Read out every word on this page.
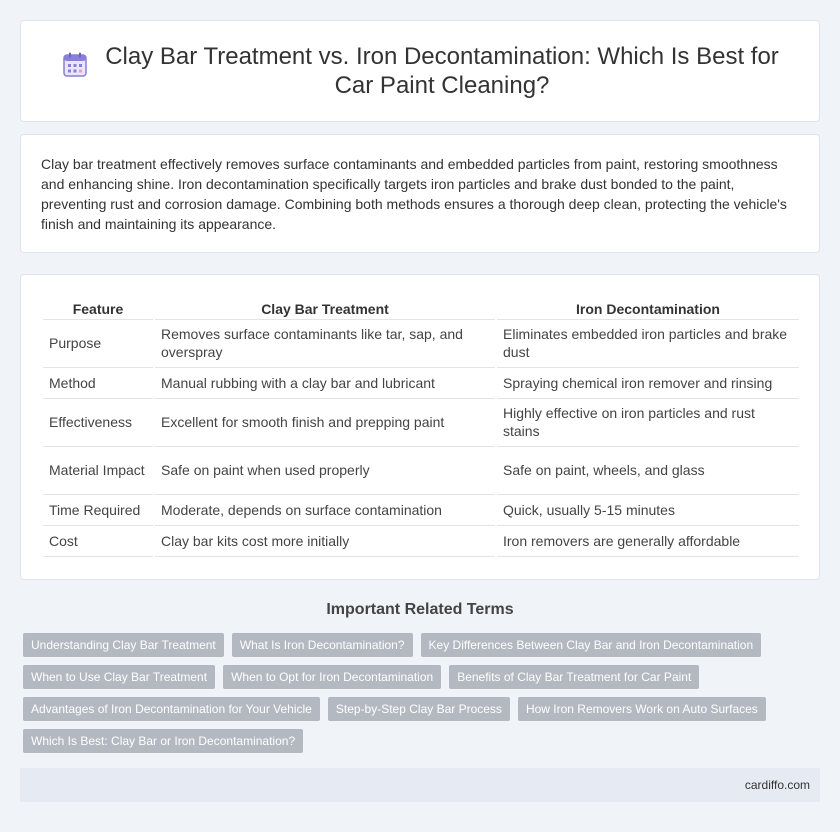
Clay Bar Treatment vs. Iron Decontamination: Which Is Best for Car Paint Cleaning?

Clay bar treatment effectively removes surface contaminants and embedded particles from paint, restoring smoothness and enhancing shine. Iron decontamination specifically targets iron particles and brake dust bonded to the paint, preventing rust and corrosion damage. Combining both methods ensures a thorough deep clean, protecting the vehicle's finish and maintaining its appearance.

Feature	Clay Bar Treatment	Iron Decontamination
Purpose	Removes surface contaminants like tar, sap, and overspray	Eliminates embedded iron particles and brake dust
Method	Manual rubbing with a clay bar and lubricant	Spraying chemical iron remover and rinsing
Effectiveness	Excellent for smooth finish and prepping paint	Highly effective on iron particles and rust stains
Material Impact	Safe on paint when used properly	Safe on paint, wheels, and glass
Time Required	Moderate, depends on surface contamination	Quick, usually 5-15 minutes
Cost	Clay bar kits cost more initially	Iron removers are generally affordable
Important Related Terms
Understanding Clay Bar Treatment	What Is Iron Decontamination?	Key Differences Between Clay Bar and Iron Decontamination
When to Use Clay Bar Treatment	When to Opt for Iron Decontamination	Benefits of Clay Bar Treatment for Car Paint
Advantages of Iron Decontamination for Your Vehicle	Step-by-Step Clay Bar Process	How Iron Removers Work on Auto Surfaces
Which Is Best: Clay Bar or Iron Decontamination?
cardiffo.com
